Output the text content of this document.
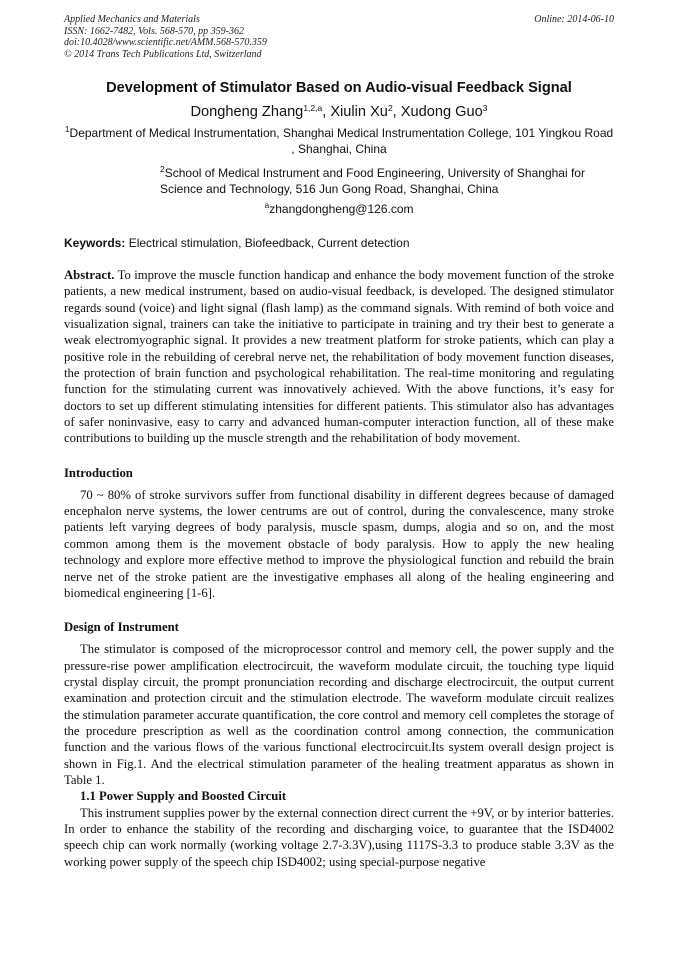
Applied Mechanics and Materials
ISSN: 1662-7482, Vols. 568-570, pp 359-362
doi:10.4028/www.scientific.net/AMM.568-570.359
© 2014 Trans Tech Publications Ltd, Switzerland
Online: 2014-06-10
Development of Stimulator Based on Audio-visual Feedback Signal
Dongheng Zhang$^{1,2,a}$, Xiulin Xu$^2$, Xudong Guo$^3$
$^1$Department of Medical Instrumentation, Shanghai Medical Instrumentation College, 101 Yingkou Road , Shanghai, China
$^2$School of Medical Instrument and Food Engineering, University of Shanghai for Science and Technology, 516 Jun Gong Road, Shanghai, China
$^a$zhangdongheng@126.com
Keywords: Electrical stimulation, Biofeedback, Current detection

Abstract. To improve the muscle function handicap and enhance the body movement function of the stroke patients, a new medical instrument, based on audio-visual feedback, is developed. The designed stimulator regards sound (voice) and light signal (flash lamp) as the command signals. With remind of both voice and visualization signal, trainers can take the initiative to participate in training and try their best to generate a weak electromyographic signal. It provides a new treatment platform for stroke patients, which can play a positive role in the rebuilding of cerebral nerve net, the rehabilitation of body movement function diseases, the protection of brain function and psychological rehabilitation. The real-time monitoring and regulating function for the stimulating current was innovatively achieved. With the above functions, it’s easy for doctors to set up different stimulating intensities for different patients. This stimulator also has advantages of safer noninvasive, easy to carry and advanced human-computer interaction function, all of these make contributions to building up the muscle strength and the rehabilitation of body movement.

Introduction

70 ~ 80% of stroke survivors suffer from functional disability in different degrees because of damaged encephalon nerve systems, the lower centrums are out of control, during the convalescence, many stroke patients left varying degrees of body paralysis, muscle spasm, dumps, alogia and so on, and the most common among them is the movement obstacle of body paralysis. How to apply the new healing technology and explore more effective method to improve the physiological function and rebuild the brain nerve net of the stroke patient are the investigative emphases all along of the healing engineering and biomedical engineering [1-6].

Design of Instrument

The stimulator is composed of the microprocessor control and memory cell, the power supply and the pressure-rise power amplification electrocircuit, the waveform modulate circuit, the touching type liquid crystal display circuit, the prompt pronunciation recording and discharge electrocircuit, the output current examination and protection circuit and the stimulation electrode. The waveform modulate circuit realizes the stimulation parameter accurate quantification, the core control and memory cell completes the storage of the procedure prescription as well as the coordination control among connection, the communication function and the various flows of the various functional electrocircuit.Its system overall design project is shown in Fig.1. And the electrical stimulation parameter of the healing treatment apparatus as shown in Table 1.

1.1 Power Supply and Boosted Circuit

This instrument supplies power by the external connection direct current the +9V, or by interior batteries. In order to enhance the stability of the recording and discharging voice, to guarantee that the ISD4002 speech chip can work normally (working voltage 2.7-3.3V),using 1117S-3.3 to produce stable 3.3V as the working power supply of the speech chip ISD4002; using special-purpose negative
